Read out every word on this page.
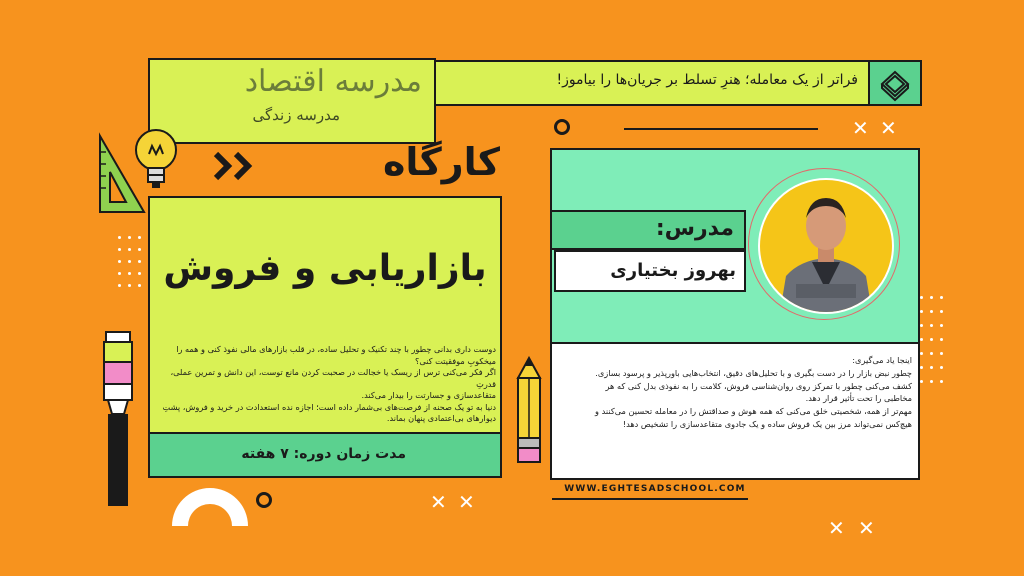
مدرسه اقتصاد
مدرسه زندگی
فراتر از یک معامله؛ هنرِ تسلط بر جریان‌ها را بیاموز!
✕ ✕
✕ ✕
✕ ✕
کارگاه
بازاریابی و فروش
دوست داری بدانی چطور با چند تکنیک و تحلیل ساده، در قلب بازارهای مالی نفوذ کنی و همه را
میخکوبِ موفقیتت کنی؟
اگر فکر می‌کنی ترس از ریسک یا خجالت در صحبت کردن مانع توست، این دانش و تمرین عملی، قدرتِ
متقاعدسازی و جسارتت را بیدار می‌کند.
دنیا به تو یک صحنه از فرصت‌های بی‌شمار داده است؛ اجازه نده استعدادت در خرید و فروش، پشتِ
دیوارهای بی‌اعتمادی پنهان بماند.
مدت زمان دوره: ۷ هفته
مدرس:
بهروز بختیاری
اینجا یاد می‌گیری:
چطور نبض بازار را در دست بگیری و با تحلیل‌های دقیق، انتخاب‌هایی باورپذیر و پرسود بسازی.
کشف می‌کنی چطور با تمرکز روی روان‌شناسی فروش، کلامت را به نفوذی بدل کنی که هر
مخاطبی را تحت تأثیر قرار دهد.
مهم‌تر از همه، شخصیتی خلق می‌کنی که همه هوش و صداقتش را در معامله تحسین می‌کنند و
هیچ‌کس نمی‌تواند مرز بین یک فروش ساده و یک جادوی متقاعدسازی را تشخیص دهد!
WWW.EGHTESADSCHOOL.COM
